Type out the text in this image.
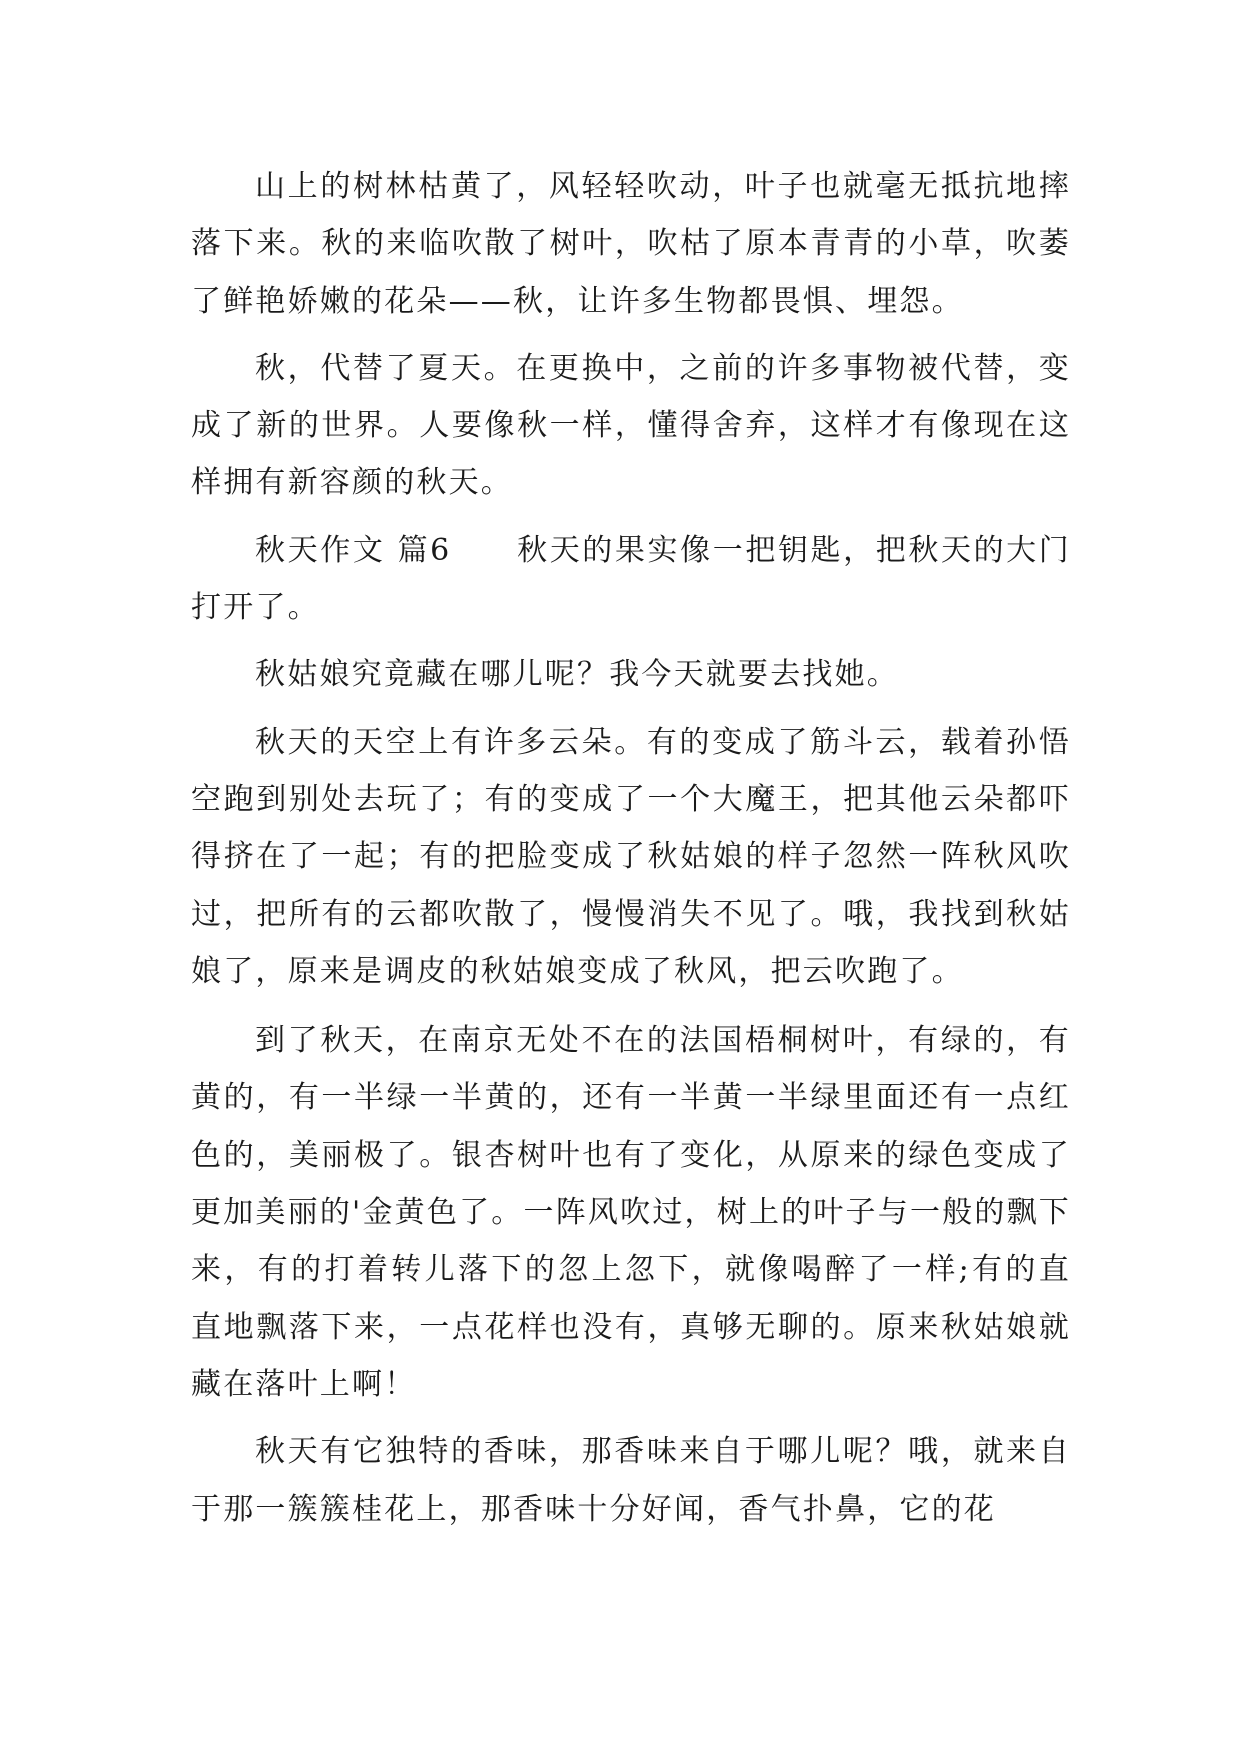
山上的树林枯黄了，风轻轻吹动，叶子也就毫无抵抗地摔落下来。秋的来临吹散了树叶，吹枯了原本青青的小草，吹萎了鲜艳娇嫩的花朵——秋，让许多生物都畏惧、埋怨。

秋，代替了夏天。在更换中，之前的许多事物被代替，变成了新的世界。人要像秋一样，懂得舍弃，这样才有像现在这样拥有新容颜的秋天。

秋天作文 篇6　　秋天的果实像一把钥匙，把秋天的大门打开了。

秋姑娘究竟藏在哪儿呢？我今天就要去找她。

秋天的天空上有许多云朵。有的变成了筋斗云，载着孙悟空跑到别处去玩了；有的变成了一个大魔王，把其他云朵都吓得挤在了一起；有的把脸变成了秋姑娘的样子忽然一阵秋风吹过，把所有的云都吹散了，慢慢消失不见了。哦，我找到秋姑娘了，原来是调皮的秋姑娘变成了秋风，把云吹跑了。

到了秋天，在南京无处不在的法国梧桐树叶，有绿的，有黄的，有一半绿一半黄的，还有一半黄一半绿里面还有一点红色的，美丽极了。银杏树叶也有了变化，从原来的绿色变成了更加美丽的'金黄色了。一阵风吹过，树上的叶子与一般的飘下来，有的打着转儿落下的忽上忽下，就像喝醉了一样;有的直直地飘落下来，一点花样也没有，真够无聊的。原来秋姑娘就藏在落叶上啊！

秋天有它独特的香味，那香味来自于哪儿呢？哦，就来自于那一簇簇桂花上，那香味十分好闻，香气扑鼻，它的花
